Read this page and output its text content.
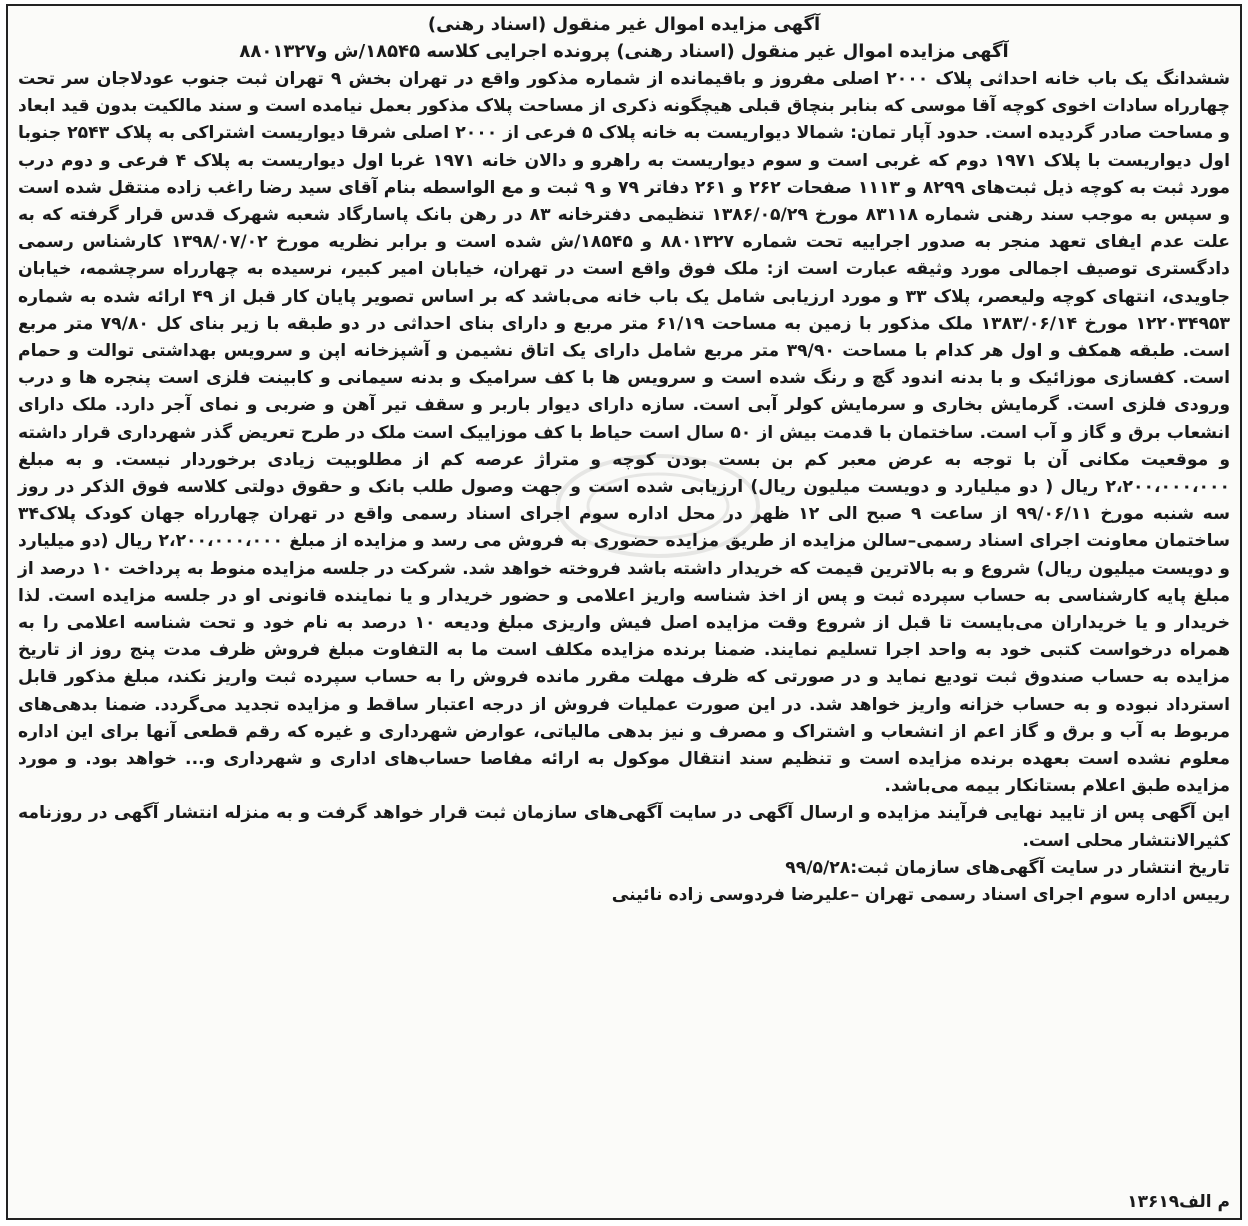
آگهی مزایده اموال غیر منقول (اسناد رهنی)
آگهی مزایده اموال غیر منقول (اسناد رهنی) پرونده اجرایی کلاسه ۱۸۵۴۵/ش و۸۸۰۱۳۲۷

ششدانگ یک باب خانه احداثی پلاک ۲۰۰۰ اصلی مفروز و باقیمانده از شماره مذکور واقع در تهران بخش ۹ تهران ثبت جنوب عودلاجان سر تحت چهارراه سادات اخوی کوچه آقا موسی که بنابر بنچاق قبلی هیچگونه ذکری از مساحت پلاک مذکور بعمل نیامده است و سند مالکیت بدون قید ابعاد و مساحت صادر گردیده است. حدود آپار تمان: شمالا دیواریست به خانه پلاک ۵ فرعی از ۲۰۰۰ اصلی شرقا دیواریست اشتراکی به پلاک ۲۵۴۳ جنوبا اول دیواریست با پلاک ۱۹۷۱ دوم که غربی است و سوم دیواریست به راهرو و دالان خانه ۱۹۷۱ غربا اول دیواریست به پلاک ۴ فرعی و دوم درب مورد ثبت به کوچه ذیل ثبت‌های ۸۲۹۹ و ۱۱۱۳ صفحات ۲۶۲ و ۲۶۱ دفاتر ۷۹ و ۹ ثبت و مع الواسطه بنام آقای سید رضا راغب زاده منتقل شده است و سپس به موجب سند رهنی شماره ۸۳۱۱۸ مورخ ۱۳۸۶/۰۵/۲۹ تنظیمی دفترخانه ۸۳ در رهن بانک پاسارگاد شعبه شهرک قدس قرار گرفته که به علت عدم ایفای تعهد منجر به صدور اجراییه تحت شماره ۸۸۰۱۳۲۷ و ۱۸۵۴۵/ش شده است و برابر نظریه مورخ ۱۳۹۸/۰۷/۰۲ کارشناس رسمی دادگستری توصیف اجمالی مورد وثیقه عبارت است از: ملک فوق واقع است در تهران، خیابان امیر کبیر، نرسیده به چهارراه سرچشمه، خیابان جاویدی، انتهای کوچه ولیعصر، پلاک ۳۳ و مورد ارزیابی شامل یک باب خانه می‌باشد که بر اساس تصویر پایان کار قبل از ۴۹ ارائه شده به شماره ۱۲۲۰۳۴۹۵۳ مورخ ۱۳۸۳/۰۶/۱۴ ملک مذکور با زمین به مساحت ۶۱/۱۹ متر مربع و دارای بنای احداثی در دو طبقه با زیر بنای کل ۷۹/۸۰ متر مربع است. طبقه همکف و اول هر کدام با مساحت ۳۹/۹۰ متر مربع شامل دارای یک اتاق نشیمن و آشپزخانه اپن و سرویس بهداشتی توالت و حمام است. کفسازی موزائیک و با بدنه اندود گچ و رنگ شده است و سرویس ها با کف سرامیک و بدنه سیمانی و کابینت فلزی است پنجره ها و درب ورودی فلزی است. گرمایش بخاری و سرمایش کولر آبی است. سازه دارای دیوار باربر و سقف تیر آهن و ضربی و نمای آجر دارد. ملک دارای انشعاب برق و گاز و آب است. ساختمان با قدمت بیش از ۵۰ سال است حیاط با کف موزاییک است ملک در طرح تعریض گذر شهرداری قرار داشته و موقعیت مکانی آن با توجه به عرض معبر کم بن بست بودن کوچه و متراژ عرصه کم از مطلوبیت زیادی برخوردار نیست. و به مبلغ ۲،۲۰۰،۰۰۰،۰۰۰ ریال ( دو میلیارد و دویست میلیون ریال) ارزیابی شده است و جهت وصول طلب بانک و حقوق دولتی کلاسه فوق الذکر در روز سه شنبه مورخ ۹۹/۰۶/۱۱ از ساعت ۹ صبح الی ۱۲ ظهر در محل اداره سوم اجرای اسناد رسمی واقع در تهران چهارراه جهان کودک پلاک۳۴ ساختمان معاونت اجرای اسناد رسمی–سالن مزایده از طریق مزایده حضوری به فروش می رسد و مزایده از مبلغ ۲،۲۰۰،۰۰۰،۰۰۰ ریال (دو میلیارد و دویست میلیون ریال) شروع و به بالاترین قیمت که خریدار داشته باشد فروخته خواهد شد. شرکت در جلسه مزایده منوط به پرداخت ۱۰ درصد از مبلغ پایه کارشناسی به حساب سپرده ثبت و پس از اخذ شناسه واریز اعلامی و حضور خریدار و یا نماینده قانونی او در جلسه مزایده است. لذا خریدار و یا خریداران می‌بایست تا قبل از شروع وقت مزایده اصل فیش واریزی مبلغ ودیعه ۱۰ درصد به نام خود و تحت شناسه اعلامی را به همراه درخواست کتبی خود به واحد اجرا تسلیم نمایند. ضمنا برنده مزایده مکلف است ما به التفاوت مبلغ فروش ظرف مدت پنج روز از تاریخ مزایده به حساب صندوق ثبت تودیع نماید و در صورتی که ظرف مهلت مقرر مانده فروش را به حساب سپرده ثبت واریز نکند، مبلغ مذکور قابل استرداد نبوده و به حساب خزانه واریز خواهد شد. در این صورت عملیات فروش از درجه اعتبار ساقط و مزایده تجدید می‌گردد. ضمنا بدهی‌های مربوط به آب و برق و گاز اعم از انشعاب و اشتراک و مصرف و نیز بدهی مالیاتی، عوارض شهرداری و غیره که رقم قطعی آنها برای این اداره معلوم نشده است بعهده برنده مزایده است و تنظیم سند انتقال موکول به ارائه مفاصا حساب‌های اداری و شهرداری و... خواهد بود. و مورد مزایده طبق اعلام بستانکار بیمه می‌باشد.

این آگهی پس از تایید نهایی فرآیند مزایده و ارسال آگهی در سایت آگهی‌های سازمان ثبت قرار خواهد گرفت و به منزله انتشار آگهی در روزنامه کثیرالانتشار محلی است.

تاریخ انتشار در سایت آگهی‌های سازمان ثبت:۹۹/۵/۲۸
رییس اداره سوم اجرای اسناد رسمی تهران –علیرضا فردوسی زاده نائینی
م الف۱۳۶۱۹
